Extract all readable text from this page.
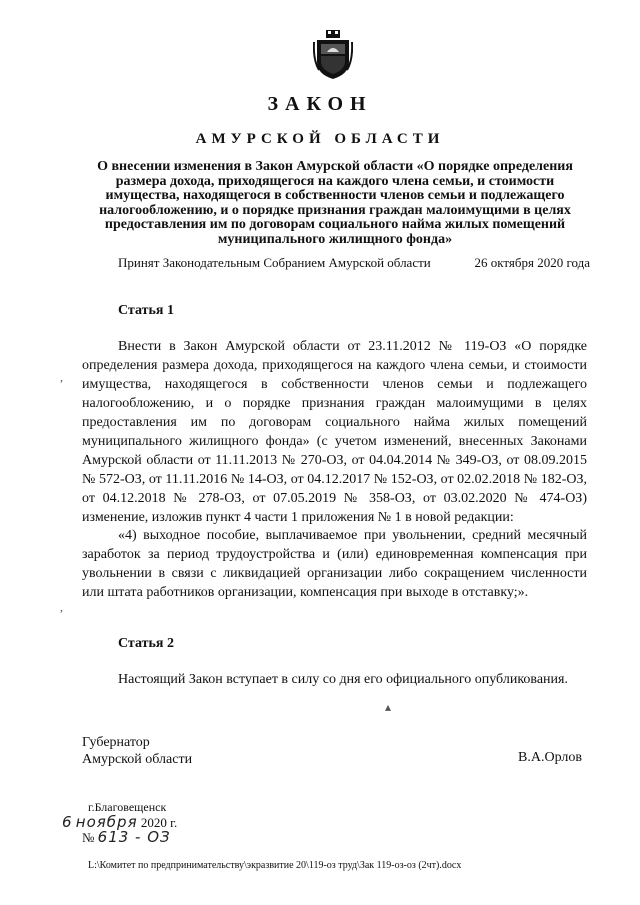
ЗАКОН
АМУРСКОЙ ОБЛАСТИ
О внесении изменения в Закон Амурской области «О порядке определения размера дохода, приходящегося на каждого члена семьи, и стоимости имущества, находящегося в собственности членов семьи и подлежащего налогообложению, и о порядке признания граждан малоимущими в целях предоставления им по договорам социального найма жилых помещений муниципального жилищного фонда»
Принят Законодательным Собранием Амурской области	26 октября 2020 года
Статья 1

Внести в Закон Амурской области от 23.11.2012 № 119-ОЗ «О порядке определения размера дохода, приходящегося на каждого члена семьи, и стоимости имущества, находящегося в собственности членов семьи и подлежащего налогообложению, и о порядке признания граждан малоимущими в целях предоставления им по договорам социального найма жилых помещений муниципального жилищного фонда» (с учетом изменений, внесенных Законами Амурской области от 11.11.2013 № 270-ОЗ, от 04.04.2014 № 349-ОЗ, от 08.09.2015 № 572-ОЗ, от 11.11.2016 № 14-ОЗ, от 04.12.2017 № 152-ОЗ, от 02.02.2018 № 182-ОЗ, от 04.12.2018 № 278-ОЗ, от 07.05.2019 № 358-ОЗ, от 03.02.2020 № 474-ОЗ) изменение, изложив пункт 4 части 1 приложения № 1 в новой редакции:

«4) выходное пособие, выплачиваемое при увольнении, средний месячный заработок за период трудоустройства и (или) единовременная компенсация при увольнении в связи с ликвидацией организации либо сокращением численности или штата работников организации, компенсация при выходе в отставку;».

Статья 2

Настоящий Закон вступает в силу со дня его официального опубликования.

Губернатор
Амурской области	В.А.Орлов
г.Благовещенск
6 ноября 2020 г.
№ 613 - ОЗ
L:\Комитет по предпринимательству\экразвитие 20\119-оз труд\Зак 119-оз-оз (2чт).docx
,
,
▴
